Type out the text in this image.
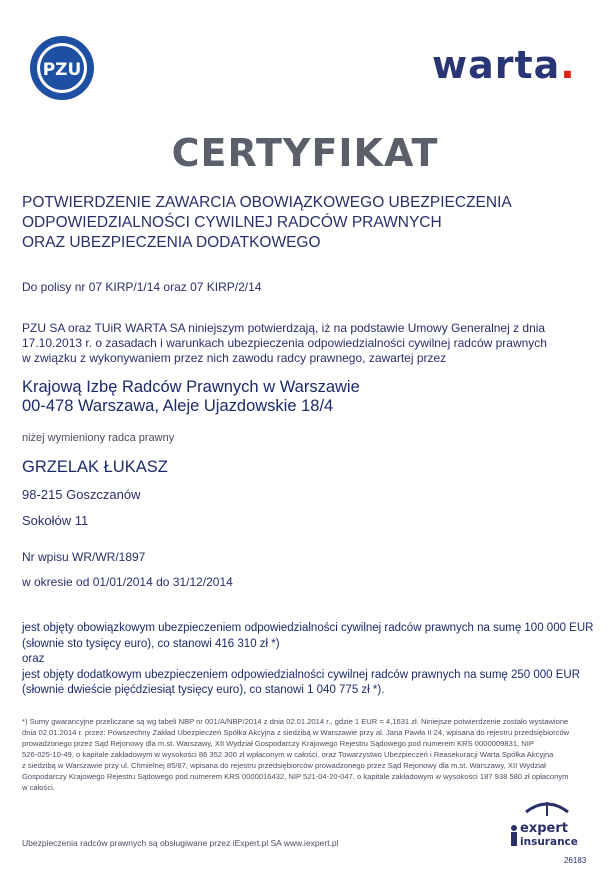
PZU	warta.
CERTYFIKAT
POTWIERDZENIE ZAWARCIA OBOWIĄZKOWEGO UBEZPIECZENIA
ODPOWIEDZIALNOŚCI CYWILNEJ RADCÓW PRAWNYCH
ORAZ UBEZPIECZENIA DODATKOWEGO
Do polisy nr 07 KIRP/1/14 oraz 07 KIRP/2/14
PZU SA oraz TUiR WARTA SA niniejszym potwierdzają, iż na podstawie Umowy Generalnej z dnia
17.10.2013 r. o zasadach i warunkach ubezpieczenia odpowiedzialności cywilnej radców prawnych
w związku z wykonywaniem przez nich zawodu radcy prawnego, zawartej przez
Krajową Izbę Radców Prawnych w Warszawie
00-478 Warszawa, Aleje Ujazdowskie 18/4
niżej wymieniony radca prawny
GRZELAK ŁUKASZ
98-215 Goszczanów
Sokołów 11
Nr wpisu WR/WR/1897
w okresie od 01/01/2014 do 31/12/2014
jest objęty obowiązkowym ubezpieczeniem odpowiedzialności cywilnej radców prawnych na sumę 100 000 EUR
(słownie sto tysięcy euro), co stanowi 416 310 zł *)
oraz
jest objęty dodatkowym ubezpieczeniem odpowiedzialności cywilnej radców prawnych na sumę 250 000 EUR
(słownie dwieście pięćdziesiąt tysięcy euro), co stanowi 1 040 775 zł *).
*) Sumy gwarancyjne przeliczane są wg tabeli NBP nr 001/A/NBP/2014 z dnia 02.01.2014 r., gdzie 1 EUR = 4,1631 zł. Niniejsze potwierdzenie zostało wystawione
dnia 02.01.2014 r. przez: Powszechny Zakład Ubezpieczeń Spółka Akcyjna z siedzibą w Warszawie przy al. Jana Pawła II 24, wpisana do rejestru przedsiębiorców
prowadzonego przez Sąd Rejonowy dla m.st. Warszawy, XII Wydział Gospodarczy Krajowego Rejestru Sądowego pod numerem KRS 0000009831, NIP
526-025-10-49, o kapitale zakładowym w wysokości 86 352 300 zł wpłaconym w całości, oraz Towarzystwo Ubezpieczeń i Reasekuracji Warta Spółka Akcyjna
z siedzibą w Warszawie przy ul. Chmielnej 85/87, wpisana do rejestru przedsiębiorców prowadzonego przez Sąd Rejonowy dla m.st. Warszawy, XII Wydział
Gospodarczy Krajowego Rejestru Sądowego pod numerem KRS 0000016432, NIP 521-04-20-047, o kapitale zakładowym w wysokości 187 938 580 zł opłaconym
w całości.
Ubezpieczenia radców prawnych są obsługiwane przez iExpert.pl SA www.iexpert.pl
expert
insurance
26183
